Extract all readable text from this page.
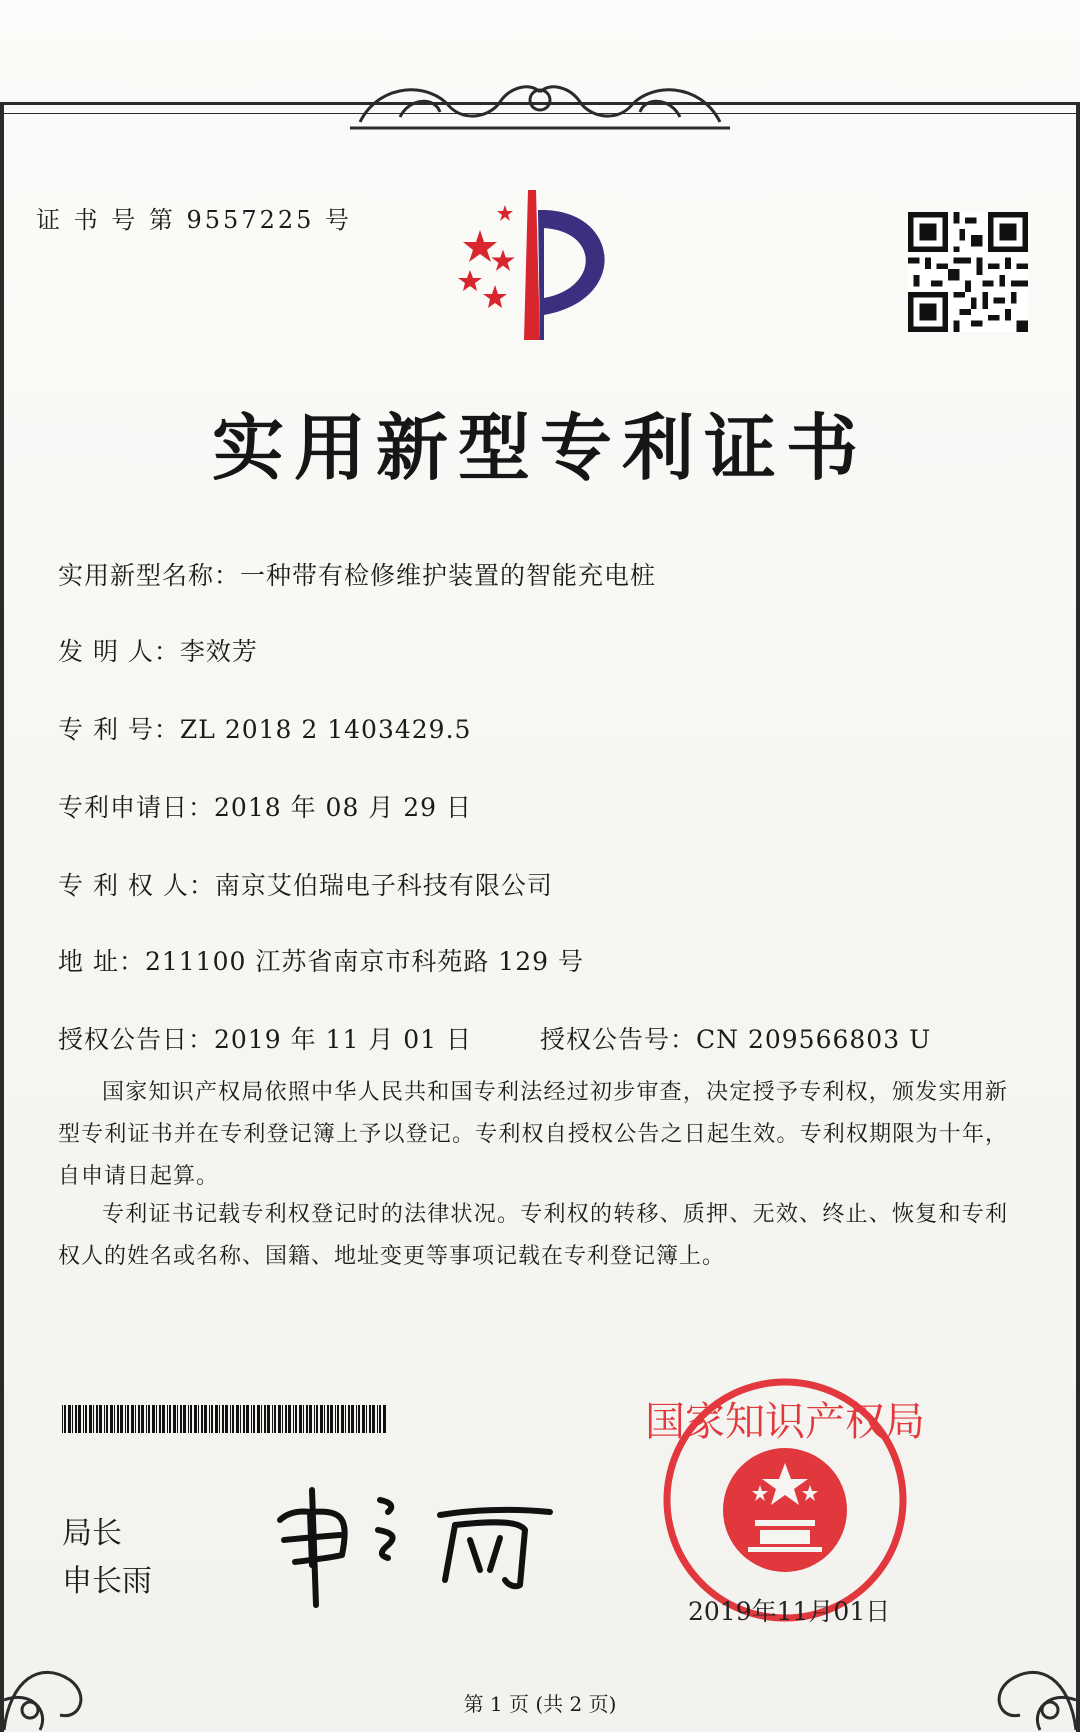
证 书 号 第 9557225 号
实用新型专利证书
实用新型名称：一种带有检修维护装置的智能充电桩
发 明 人：李效芳
专 利 号：ZL 2018 2 1403429.5
专利申请日：2018 年 08 月 29 日
专 利 权 人：南京艾伯瑞电子科技有限公司
地 址：211100 江苏省南京市科苑路 129 号
授权公告日：2019 年 11 月 01 日	授权公告号：CN 209566803 U
国家知识产权局依照中华人民共和国专利法经过初步审查，决定授予专利权，颁发实用新型专利证书并在专利登记簿上予以登记。专利权自授权公告之日起生效。专利权期限为十年，自申请日起算。
专利证书记载专利权登记时的法律状况。专利权的转移、质押、无效、终止、恢复和专利权人的姓名或名称、国籍、地址变更等事项记载在专利登记簿上。
局长
申长雨
国家知识产权局
2019年11月01日
第 1 页 (共 2 页)
